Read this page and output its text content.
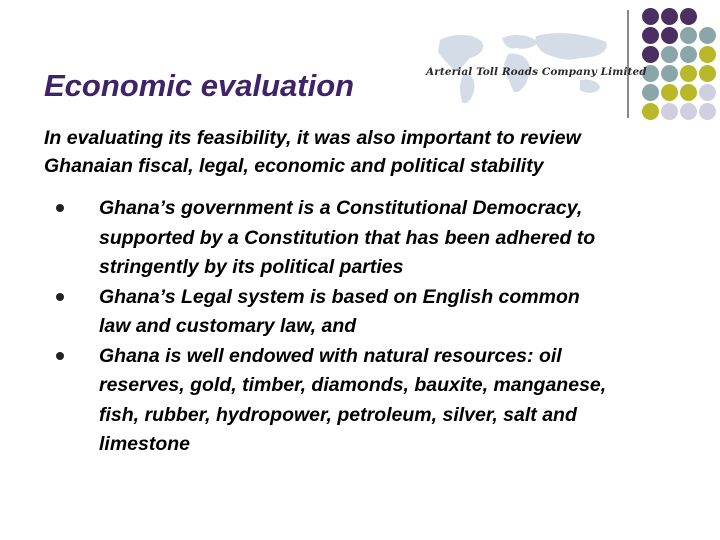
Arterial Toll Roads Company Limited
Economic evaluation

In evaluating its feasibility, it was also important to review
Ghanaian fiscal, legal, economic and political stability

Ghana’s government is a Constitutional Democracy,
supported by a Constitution that has been adhered to
stringently by its political parties
Ghana’s Legal system is based on English common
law and customary law, and
Ghana is well endowed with natural resources: oil
reserves, gold, timber, diamonds, bauxite, manganese,
fish, rubber, hydropower, petroleum, silver, salt and
limestone
